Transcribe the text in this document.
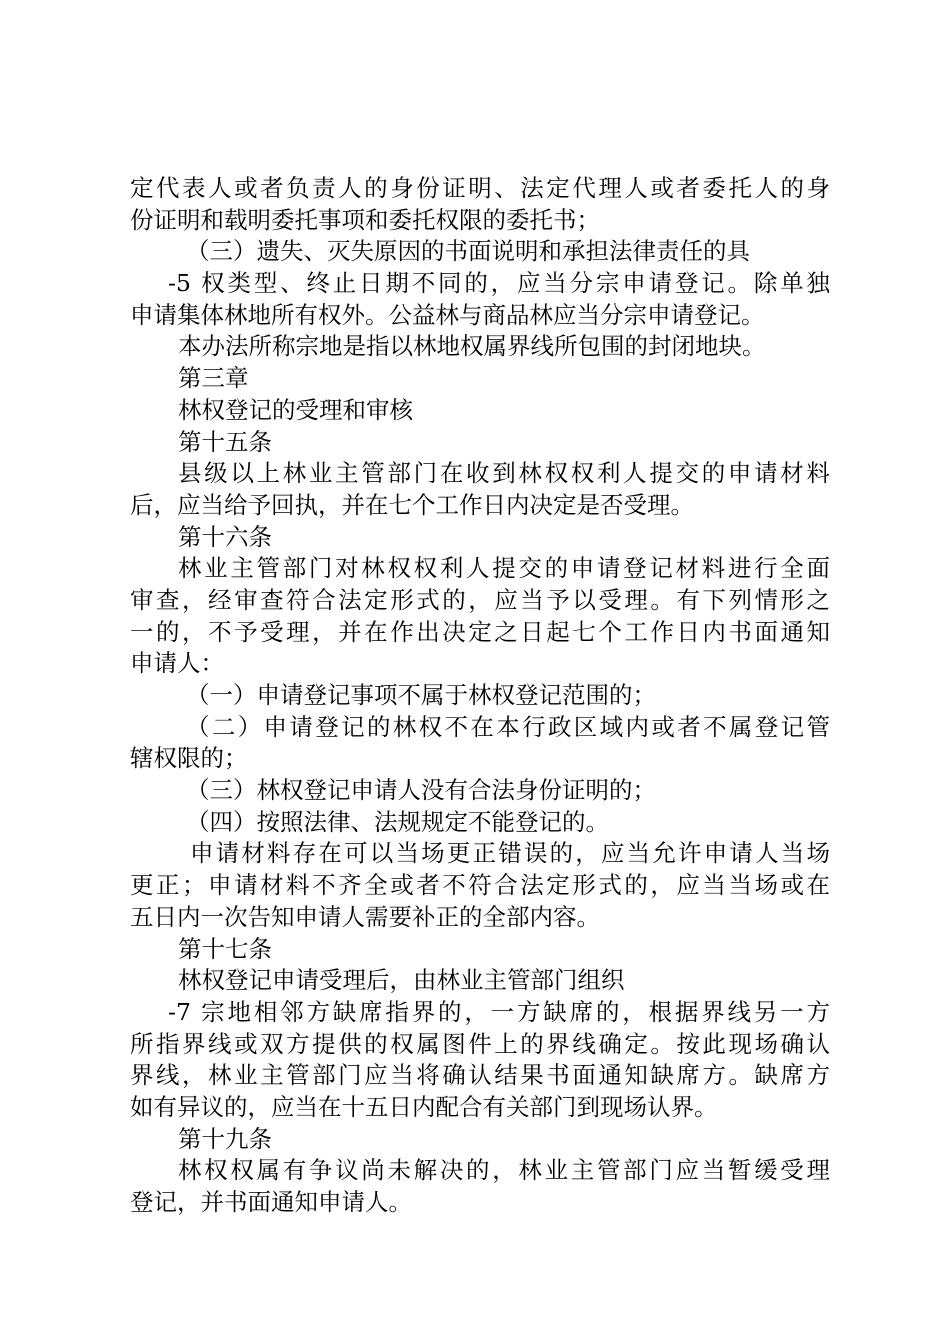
定代表人或者负责人的身份证明、法定代理人或者委托人的身
份证明和载明委托事项和委托权限的委托书；
（三）遗失、灭失原因的书面说明和承担法律责任的具
-5 权类型、终止日期不同的，应当分宗申请登记。除单独
申请集体林地所有权外。公益林与商品林应当分宗申请登记。
本办法所称宗地是指以林地权属界线所包围的封闭地块。
第三章
林权登记的受理和审核
第十五条
县级以上林业主管部门在收到林权权利人提交的申请材料
后，应当给予回执，并在七个工作日内决定是否受理。
第十六条
林业主管部门对林权权利人提交的申请登记材料进行全面
审查，经审查符合法定形式的，应当予以受理。有下列情形之
一的，不予受理，并在作出决定之日起七个工作日内书面通知
申请人：
（一）申请登记事项不属于林权登记范围的；
（二）申请登记的林权不在本行政区域内或者不属登记管
辖权限的；
（三）林权登记申请人没有合法身份证明的；
（四）按照法律、法规规定不能登记的。
申请材料存在可以当场更正错误的，应当允许申请人当场
更正；申请材料不齐全或者不符合法定形式的，应当当场或在
五日内一次告知申请人需要补正的全部内容。
第十七条
林权登记申请受理后，由林业主管部门组织
-7 宗地相邻方缺席指界的，一方缺席的，根据界线另一方
所指界线或双方提供的权属图件上的界线确定。按此现场确认
界线，林业主管部门应当将确认结果书面通知缺席方。缺席方
如有异议的，应当在十五日内配合有关部门到现场认界。
第十九条
林权权属有争议尚未解决的，林业主管部门应当暂缓受理
登记，并书面通知申请人。
